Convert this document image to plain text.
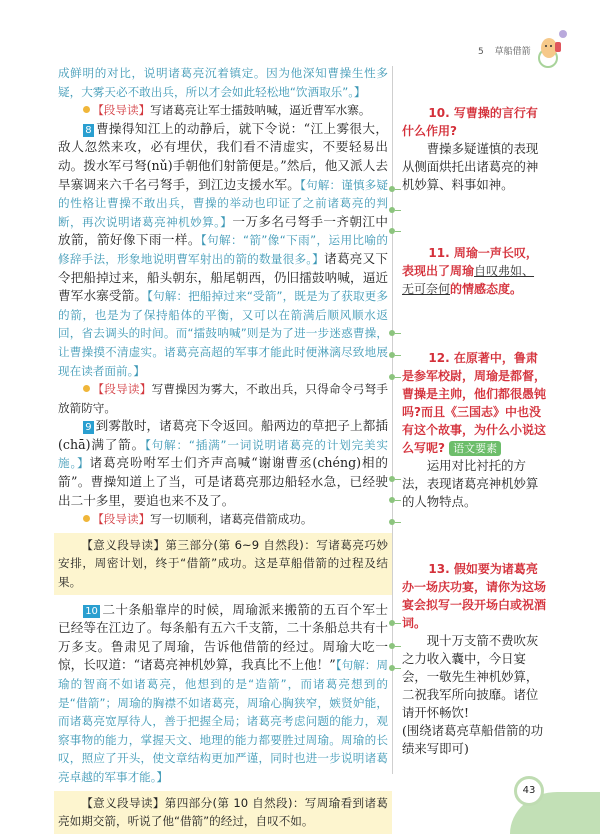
5 草船借箭

成鲜明的对比，说明诸葛亮沉着镇定。因为他深知曹操生性多疑，大雾天必不敢出兵，所以才会如此轻松地“饮酒取乐”。】

【段导读】写诸葛亮让军士擂鼓呐喊，逼近曹军水寨。

8 曹操得知江上的动静后，就下令说：“江上雾很大，敌人忽然来攻，必有埋伏，我们看不清虚实，不要轻易出动。拨水军弓弩(nǔ)手朝他们射箭便是。”然后，他又派人去旱寨调来六千名弓弩手，到江边支援水军。【句解：谨慎多疑的性格让曹操不敢出兵，曹操的举动也印证了之前诸葛亮的判断，再次说明诸葛亮神机妙算。】一万多名弓弩手一齐朝江中放箭，箭好像下雨一样。【句解：“箭”像“下雨”，运用比喻的修辞手法，形象地说明曹军射出的箭的数量很多。】诸葛亮又下令把船掉过来，船头朝东，船尾朝西，仍旧擂鼓呐喊，逼近曹军水寨受箭。【句解：把船掉过来“受箭”，既是为了获取更多的箭，也是为了保持船体的平衡，又可以在箭满后顺风顺水返回，省去调头的时间。而“擂鼓呐喊”则是为了进一步迷惑曹操，让曹操摸不清虚实。诸葛亮高超的军事才能此时便淋漓尽致地展现在读者面前。】

【段导读】写曹操因为雾大，不敢出兵，只得命令弓弩手放箭防守。

9 到雾散时，诸葛亮下令返回。船两边的草把子上都插(chā)满了箭。【句解：“插满”一词说明诸葛亮的计划完美实施。】诸葛亮吩咐军士们齐声高喊“谢谢曹丞(chéng)相的箭”。曹操知道上了当，可是诸葛亮那边船轻水急，已经驶出二十多里，要追也来不及了。

【段导读】写一切顺利，诸葛亮借箭成功。

【意义段导读】第三部分(第 6~9 自然段)：写诸葛亮巧妙安排，周密计划，终于“借箭”成功。这是草船借箭的过程及结果。

10 二十条船靠岸的时候，周瑜派来搬箭的五百个军士已经等在江边了。每条船有五六千支箭，二十条船总共有十万多支。鲁肃见了周瑜，告诉他借箭的经过。周瑜大吃一惊，长叹道：“诸葛亮神机妙算，我真比不上他！”【句解：周瑜的智商不如诸葛亮，他想到的是“造箭”，而诸葛亮想到的是“借箭”；周瑜的胸襟不如诸葛亮，周瑜心胸狭窄，嫉贤妒能，而诸葛亮宽厚待人，善于把握全局；诸葛亮考虑问题的能力，观察事物的能力，掌握天文、地理的能力都要胜过周瑜。周瑜的长叹，照应了开头，使文章结构更加严谨，同时也进一步说明诸葛亮卓越的军事才能。】

【意义段导读】第四部分(第 10 自然段)：写周瑜看到诸葛亮如期交箭，听说了他“借箭”的经过，自叹不如。

10. 写曹操的言行有什么作用?

曹操多疑谨慎的表现从侧面烘托出诸葛亮的神机妙算、料事如神。

11. 周瑜一声长叹，表现出了周瑜自叹弗如、无可奈何的情感态度。

12. 在原著中，鲁肃是参军校尉，周瑜是都督，曹操是主帅，他们都很愚钝吗?而且《三国志》中也没有这个故事，为什么小说这么写呢? 语文要素

运用对比衬托的方法，表现诸葛亮神机妙算的人物特点。

13. 假如要为诸葛亮办一场庆功宴，请你为这场宴会拟写一段开场白或祝酒词。

现十万支箭不费吹灰之力收入囊中，今日宴会，一敬先生神机妙算，二祝我军所向披靡。诸位请开怀畅饮!

(围绕诸葛亮草船借箭的功绩来写即可)

43
